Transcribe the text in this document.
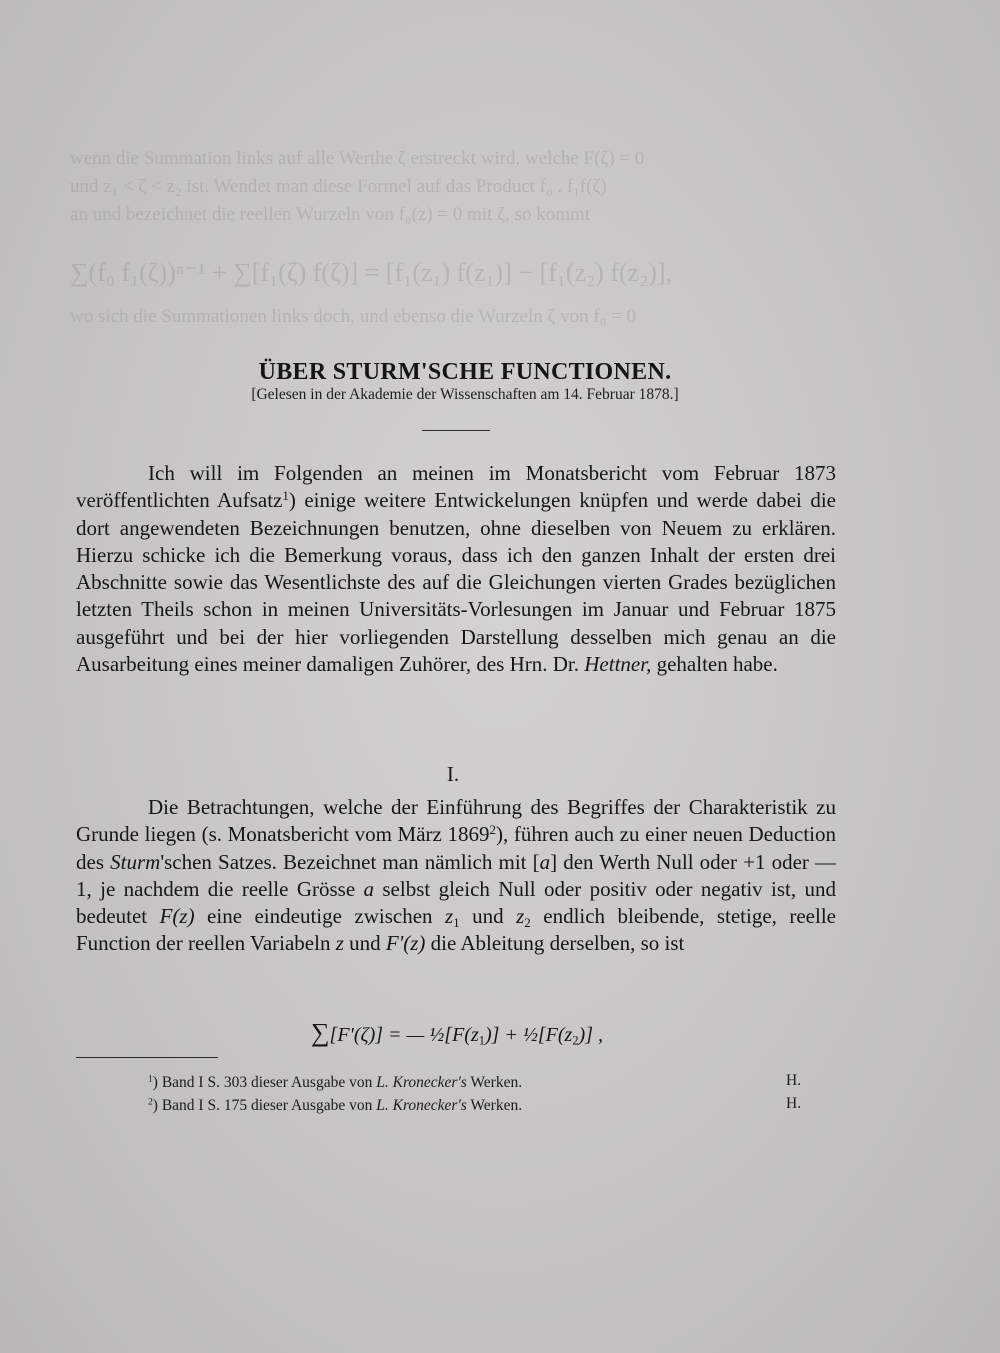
wenn die Summation links auf alle Werthe ζ erstreckt wird, welche F(ζ) = 0
und z₁ < ζ < z₂ ist. Wendet man diese Formel auf das Product f₀ . f₁f(ζ)
an und bezeichnet die reellen Wurzeln von f₀(z) = 0 mit ζ, so kommt
∑(f₀ f₁(ζ))ⁿ⁻¹ + ∑[f₁(ζ) f(ζ)] = [f₁(z₁) f(z₁)] − [f₁(z₂) f(z₂)],
wo sich die Summationen links doch, und ebenso die Wurzeln ζ von f₀ = 0
ÜBER STURM'SCHE FUNCTIONEN.
[Gelesen in der Akademie der Wissenschaften am 14. Februar 1878.]

Ich will im Folgenden an meinen im Monatsbericht vom Februar 1873 veröffentlichten Aufsatz$^1$) einige weitere Entwickelungen knüpfen und werde dabei die dort angewendeten Bezeichnungen benutzen, ohne dieselben von Neuem zu erklären. Hierzu schicke ich die Bemerkung voraus, dass ich den ganzen Inhalt der ersten drei Abschnitte sowie das Wesentlichste des auf die Gleichungen vierten Grades bezüglichen letzten Theils schon in meinen Universitäts-Vorlesungen im Januar und Februar 1875 ausgeführt und bei der hier vorliegenden Darstellung desselben mich genau an die Ausarbeitung eines meiner damaligen Zuhörer, des Hrn. Dr. Hettner, gehalten habe.

I.

Die Betrachtungen, welche der Einführung des Begriffes der Charakteristik zu Grunde liegen (s. Monatsbericht vom März 1869$^2$), führen auch zu einer neuen Deduction des Sturm'schen Satzes. Bezeichnet man nämlich mit [a] den Werth Null oder +1 oder —1, je nachdem die reelle Grösse a selbst gleich Null oder positiv oder negativ ist, und bedeutet F(z) eine eindeutige zwischen $z_1$ und $z_2$ endlich bleibende, stetige, reelle Function der reellen Variabeln z und F'(z) die Ableitung derselben, so ist

∑[F'(ζ)] = — $\frac{1}{2}[F(z_1)]$ + $\frac{1}{2}[F(z_2)]$ ,
$^1$) Band I S. 303 dieser Ausgabe von L. Kronecker's Werken.	H.
$^2$) Band I S. 175 dieser Ausgabe von L. Kronecker's Werken.	H.
